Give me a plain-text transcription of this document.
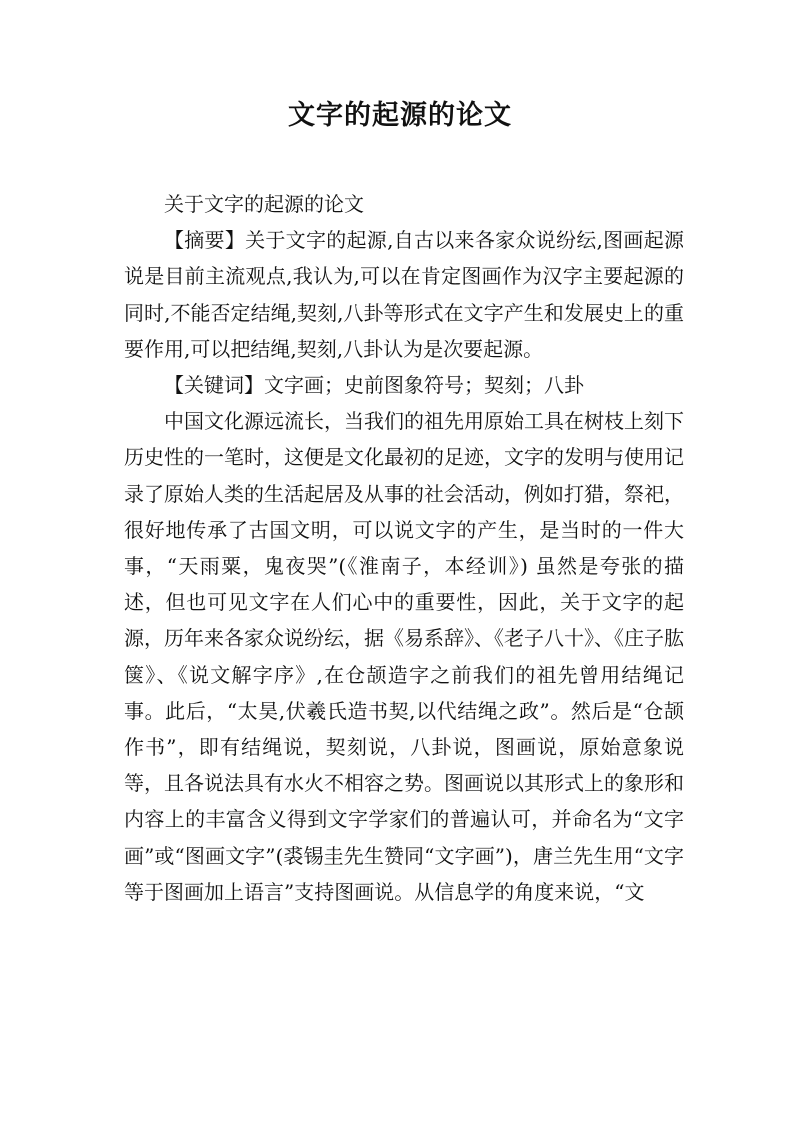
文字的起源的论文

关于文字的起源的论文

【摘要】关于文字的起源,自古以来各家众说纷纭,图画起源说是目前主流观点,我认为,可以在肯定图画作为汉字主要起源的同时,不能否定结绳,契刻,八卦等形式在文字产生和发展史上的重要作用,可以把结绳,契刻,八卦认为是次要起源。

【关键词】文字画；史前图象符号；契刻；八卦

中国文化源远流长，当我们的祖先用原始工具在树枝上刻下历史性的一笔时，这便是文化最初的足迹，文字的发明与使用记录了原始人类的生活起居及从事的社会活动，例如打猎，祭祀，很好地传承了古国文明，可以说文字的产生，是当时的一件大事，“天雨粟，鬼夜哭”(《淮南子，本经训》) 虽然是夸张的描述，但也可见文字在人们心中的重要性，因此，关于文字的起源，历年来各家众说纷纭，据《易系辞》、《老子八十》、《庄子肱箧》、《说文解字序》,在仓颉造字之前我们的祖先曾用结绳记事。此后，“太昊,伏羲氏造书契,以代结绳之政”。然后是“仓颉作书”，即有结绳说，契刻说，八卦说，图画说，原始意象说等，且各说法具有水火不相容之势。图画说以其形式上的象形和内容上的丰富含义得到文字学家们的普遍认可，并命名为“文字画”或“图画文字”(裘锡圭先生赞同“文字画”)，唐兰先生用“文字等于图画加上语言”支持图画说。从信息学的角度来说，“文
